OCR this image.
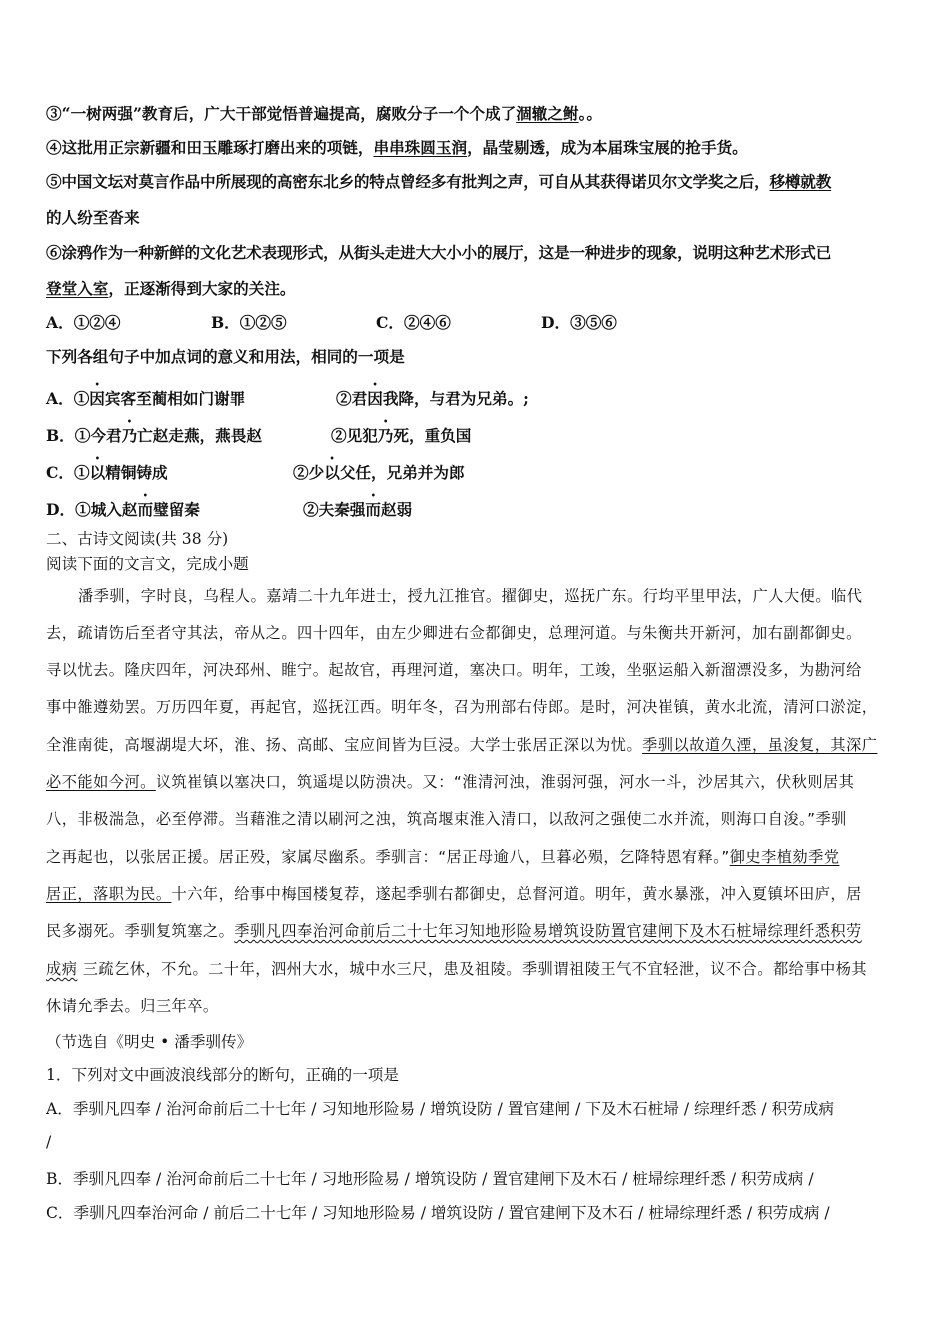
③“一树两强”教育后，广大干部觉悟普遍提高，腐败分子一个个成了涸辙之鲋。。
④这批用正宗新疆和田玉雕琢打磨出来的项链，串串珠圆玉润，晶莹剔透，成为本届珠宝展的抢手货。
⑤中国文坛对莫言作品中所展现的高密东北乡的特点曾经多有批判之声，可自从其获得诺贝尔文学奖之后，移樽就教
的人纷至沓来
⑥涂鸦作为一种新鲜的文化艺术表现形式，从街头走进大大小小的展厅，这是一种进步的现象，说明这种艺术形式已
登堂入室，正逐渐得到大家的关注。
A．①②④	B．①②⑤	C．②④⑥	D．③⑤⑥
下列各组句子中加点词的意义和用法，相同的一项是
A．①因宾客至蔺相如门谢罪	②君因我降，与君为兄弟。;
B．①今君乃亡赵走燕，燕畏赵	②见犯乃死，重负国
C．①以精铜铸成	②少以父任，兄弟并为郎
D．①城入赵而璧留秦	②夫秦强而赵弱
二、古诗文阅读(共 38 分)
阅读下面的文言文，完成小题
潘季驯，字时良，乌程人。嘉靖二十九年进士，授九江推官。擢御史，巡抚广东。行均平里甲法，广人大便。临代
去，疏请饬后至者守其法，帝从之。四十四年，由左少卿进右佥都御史，总理河道。与朱衡共开新河，加右副都御史。
寻以忧去。隆庆四年，河决邳州、睢宁。起故官，再理河道，塞决口。明年，工竣，坐驱运船入新溜漂没多，为勘河给
事中雒遵劾罢。万历四年夏，再起官，巡抚江西。明年冬，召为刑部右侍郎。是时，河决崔镇，黄水北流，清河口淤淀，
全淮南徙，高堰湖堤大坏，淮、扬、高邮、宝应间皆为巨浸。大学士张居正深以为忧。季驯以故道久湮，虽浚复，其深广
必不能如今河。议筑崔镇以塞决口，筑遥堤以防溃决。又：“淮清河浊，淮弱河强，河水一斗，沙居其六，伏秋则居其
八，非极湍急，必至停滞。当藉淮之清以刷河之浊，筑高堰束淮入清口，以敌河之强使二水并流，则海口自浚。”季驯
之再起也，以张居正援。居正殁，家属尽幽系。季驯言：“居正母逾八，旦暮必殒，乞降特恩宥释。”御史李植劾季党
居正，落职为民。十六年，给事中梅国楼复荐，遂起季驯右都御史，总督河道。明年，黄水暴涨，冲入夏镇坏田庐，居
民多溺死。季驯复筑塞之。季驯凡四奉治河命前后二十七年习知地形险易增筑设防置官建闸下及木石桩埽综理纤悉积劳
成病 三疏乞休，不允。二十年，泗州大水，城中水三尺，患及祖陵。季驯谓祖陵王气不宜轻泄，议不合。都给事中杨其
休请允季去。归三年卒。
（节选自《明史 • 潘季驯传》
1．下列对文中画波浪线部分的断句，正确的一项是
A．季驯凡四奉 / 治河命前后二十七年 / 习知地形险易 / 增筑设防 / 置官建闸 / 下及木石桩埽 / 综理纤悉 / 积劳成病
/
B．季驯凡四奉 / 治河命前后二十七年 / 习地形险易 / 增筑设防 / 置官建闸下及木石 / 桩埽综理纤悉 / 积劳成病 /
C．季驯凡四奉治河命 / 前后二十七年 / 习知地形险易 / 增筑设防 / 置官建闸下及木石 / 桩埽综理纤悉 / 积劳成病 /
